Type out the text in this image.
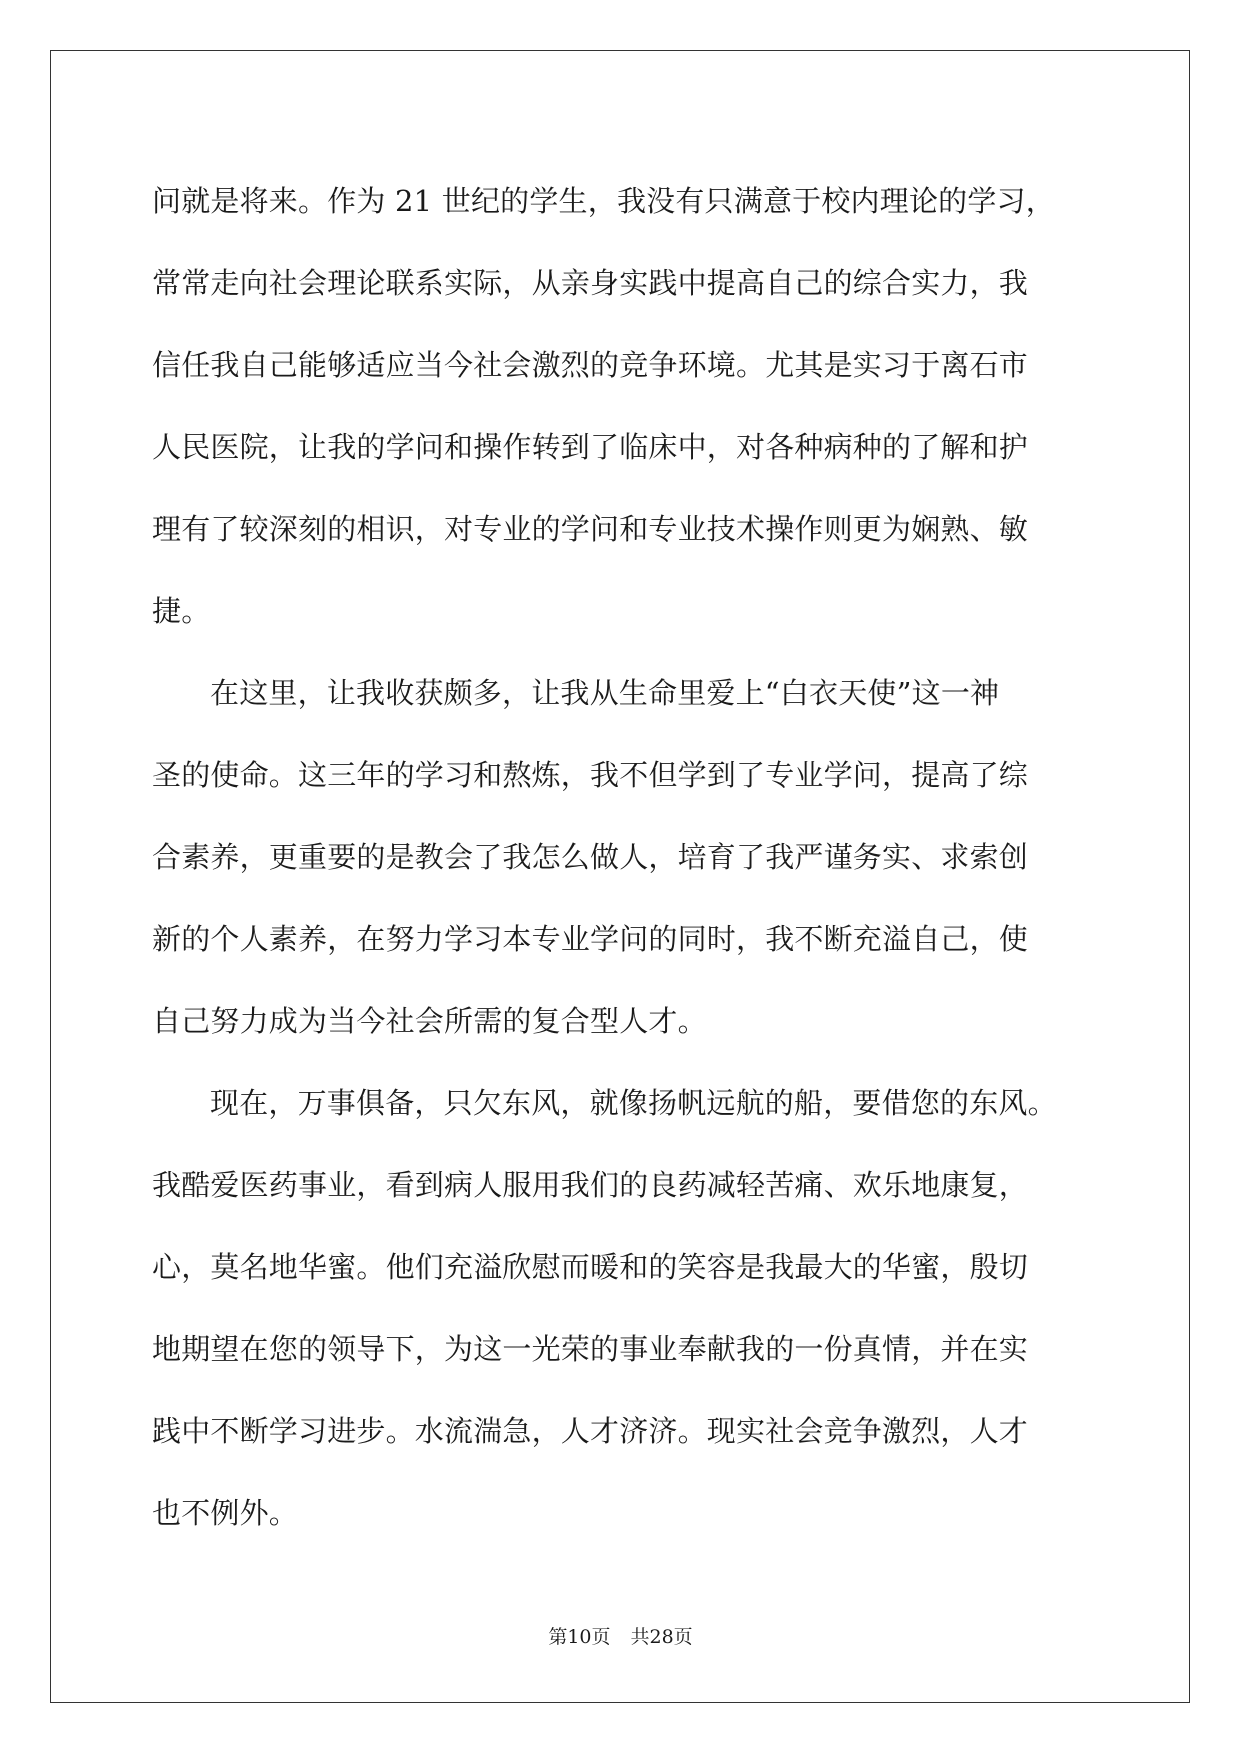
问就是将来。作为 21 世纪的学生，我没有只满意于校内理论的学习，
常常走向社会理论联系实际，从亲身实践中提高自己的综合实力，我
信任我自己能够适应当今社会激烈的竞争环境。尤其是实习于离石市
人民医院，让我的学问和操作转到了临床中，对各种病种的了解和护
理有了较深刻的相识，对专业的学问和专业技术操作则更为娴熟、敏
捷。
在这里，让我收获颇多，让我从生命里爱上“白衣天使”这一神
圣的使命。这三年的学习和熬炼，我不但学到了专业学问，提高了综
合素养，更重要的是教会了我怎么做人，培育了我严谨务实、求索创
新的个人素养，在努力学习本专业学问的同时，我不断充溢自己，使
自己努力成为当今社会所需的复合型人才。
现在，万事俱备，只欠东风，就像扬帆远航的船，要借您的东风。
我酷爱医药事业，看到病人服用我们的良药减轻苦痛、欢乐地康复，
心，莫名地华蜜。他们充溢欣慰而暖和的笑容是我最大的华蜜，殷切
地期望在您的领导下，为这一光荣的事业奉献我的一份真情，并在实
践中不断学习进步。水流湍急，人才济济。现实社会竞争激烈，人才
也不例外。
第10页 共28页
